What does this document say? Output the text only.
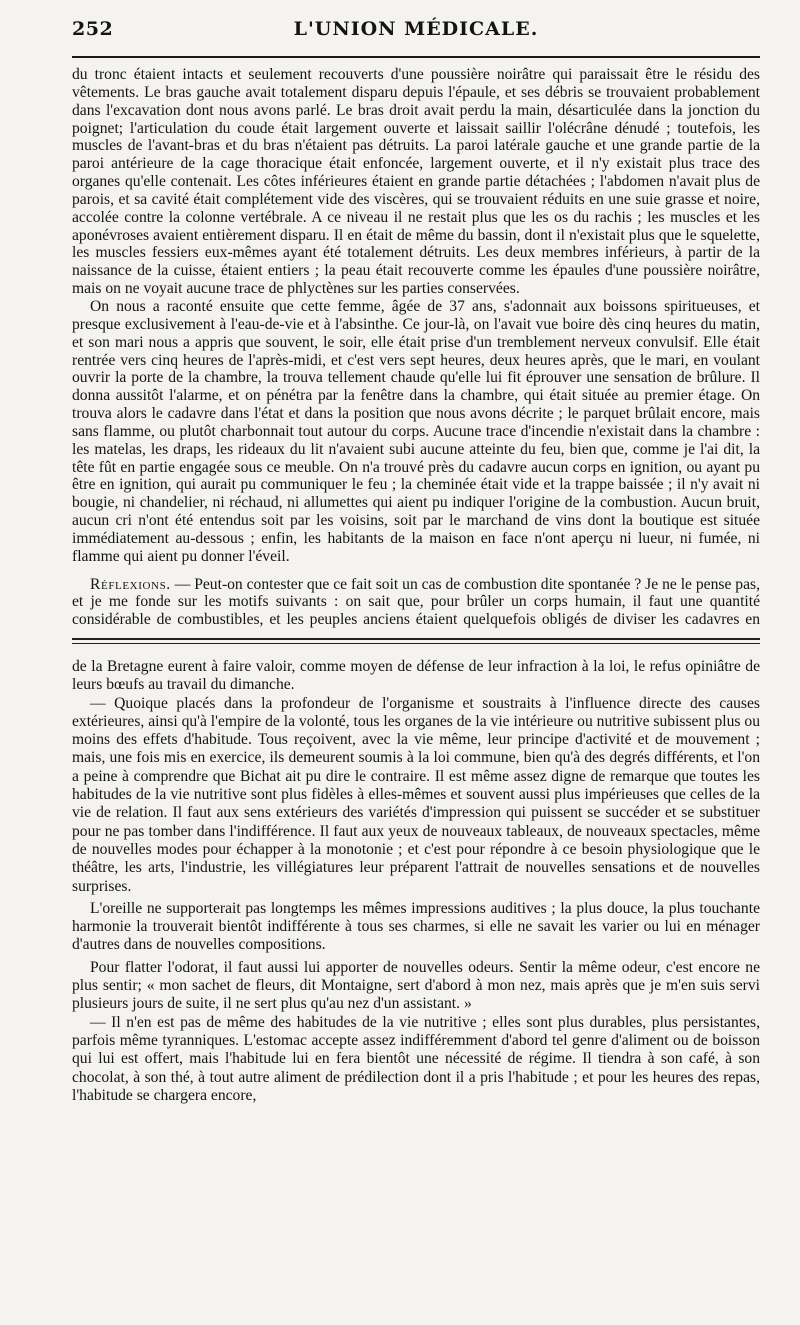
252	L'UNION MÉDICALE.

du tronc étaient intacts et seulement recouverts d'une poussière noirâtre qui paraissait être le résidu des vêtements. Le bras gauche avait totalement disparu depuis l'épaule, et ses débris se trouvaient probablement dans l'excavation dont nous avons parlé. Le bras droit avait perdu la main, désarticulée dans la jonction du poignet; l'articulation du coude était largement ouverte et laissait saillir l'olécrâne dénudé ; toutefois, les muscles de l'avant-bras et du bras n'étaient pas détruits. La paroi latérale gauche et une grande partie de la paroi antérieure de la cage thoracique était enfoncée, largement ouverte, et il n'y existait plus trace des organes qu'elle contenait. Les côtes inférieures étaient en grande partie détachées ; l'abdomen n'avait plus de parois, et sa cavité était complétement vide des viscères, qui se trouvaient réduits en une suie grasse et noire, accolée contre la colonne vertébrale. A ce niveau il ne restait plus que les os du rachis ; les muscles et les aponévroses avaient entièrement disparu. Il en était de même du bassin, dont il n'existait plus que le squelette, les muscles fessiers eux-mêmes ayant été totalement détruits. Les deux membres inférieurs, à partir de la naissance de la cuisse, étaient entiers ; la peau était recouverte comme les épaules d'une poussière noirâtre, mais on ne voyait aucune trace de phlyctènes sur les parties conservées.

On nous a raconté ensuite que cette femme, âgée de 37 ans, s'adonnait aux boissons spiritueuses, et presque exclusivement à l'eau-de-vie et à l'absinthe. Ce jour-là, on l'avait vue boire dès cinq heures du matin, et son mari nous a appris que souvent, le soir, elle était prise d'un tremblement nerveux convulsif. Elle était rentrée vers cinq heures de l'après-midi, et c'est vers sept heures, deux heures après, que le mari, en voulant ouvrir la porte de la chambre, la trouva tellement chaude qu'elle lui fit éprouver une sensation de brûlure. Il donna aussitôt l'alarme, et on pénétra par la fenêtre dans la chambre, qui était située au premier étage. On trouva alors le cadavre dans l'état et dans la position que nous avons décrite ; le parquet brûlait encore, mais sans flamme, ou plutôt charbonnait tout autour du corps. Aucune trace d'incendie n'existait dans la chambre : les matelas, les draps, les rideaux du lit n'avaient subi aucune atteinte du feu, bien que, comme je l'ai dit, la tête fût en partie engagée sous ce meuble. On n'a trouvé près du cadavre aucun corps en ignition, ou ayant pu être en ignition, qui aurait pu communiquer le feu ; la cheminée était vide et la trappe baissée ; il n'y avait ni bougie, ni chandelier, ni réchaud, ni allumettes qui aient pu indiquer l'origine de la combustion. Aucun bruit, aucun cri n'ont été entendus soit par les voisins, soit par le marchand de vins dont la boutique est située immédiatement au-dessous ; enfin, les habitants de la maison en face n'ont aperçu ni lueur, ni fumée, ni flamme qui aient pu donner l'éveil.

Réflexions. — Peut-on contester que ce fait soit un cas de combustion dite spontanée ? Je ne le pense pas, et je me fonde sur les motifs suivants : on sait que, pour brûler un corps humain, il faut une quantité considérable de combustibles, et les peuples anciens étaient quelquefois obligés de diviser les cadavres en

de la Bretagne eurent à faire valoir, comme moyen de défense de leur infraction à la loi, le refus opiniâtre de leurs bœufs au travail du dimanche.

— Quoique placés dans la profondeur de l'organisme et soustraits à l'influence directe des causes extérieures, ainsi qu'à l'empire de la volonté, tous les organes de la vie intérieure ou nutritive subissent plus ou moins des effets d'habitude. Tous reçoivent, avec la vie même, leur principe d'activité et de mouvement ; mais, une fois mis en exercice, ils demeurent soumis à la loi commune, bien qu'à des degrés différents, et l'on a peine à comprendre que Bichat ait pu dire le contraire. Il est même assez digne de remarque que toutes les habitudes de la vie nutritive sont plus fidèles à elles-mêmes et souvent aussi plus impérieuses que celles de la vie de relation. Il faut aux sens extérieurs des variétés d'impression qui puissent se succéder et se substituer pour ne pas tomber dans l'indifférence. Il faut aux yeux de nouveaux tableaux, de nouveaux spectacles, même de nouvelles modes pour échapper à la monotonie ; et c'est pour répondre à ce besoin physiologique que le théâtre, les arts, l'industrie, les villégiatures leur préparent l'attrait de nouvelles sensations et de nouvelles surprises.

L'oreille ne supporterait pas longtemps les mêmes impressions auditives ; la plus douce, la plus touchante harmonie la trouverait bientôt indifférente à tous ses charmes, si elle ne savait les varier ou lui en ménager d'autres dans de nouvelles compositions.

Pour flatter l'odorat, il faut aussi lui apporter de nouvelles odeurs. Sentir la même odeur, c'est encore ne plus sentir; « mon sachet de fleurs, dit Montaigne, sert d'abord à mon nez, mais après que je m'en suis servi plusieurs jours de suite, il ne sert plus qu'au nez d'un assistant. »

— Il n'en est pas de même des habitudes de la vie nutritive ; elles sont plus durables, plus persistantes, parfois même tyranniques. L'estomac accepte assez indifféremment d'abord tel genre d'aliment ou de boisson qui lui est offert, mais l'habitude lui en fera bientôt une nécessité de régime. Il tiendra à son café, à son chocolat, à son thé, à tout autre aliment de prédilection dont il a pris l'habitude ; et pour les heures des repas, l'habitude se chargera encore,
